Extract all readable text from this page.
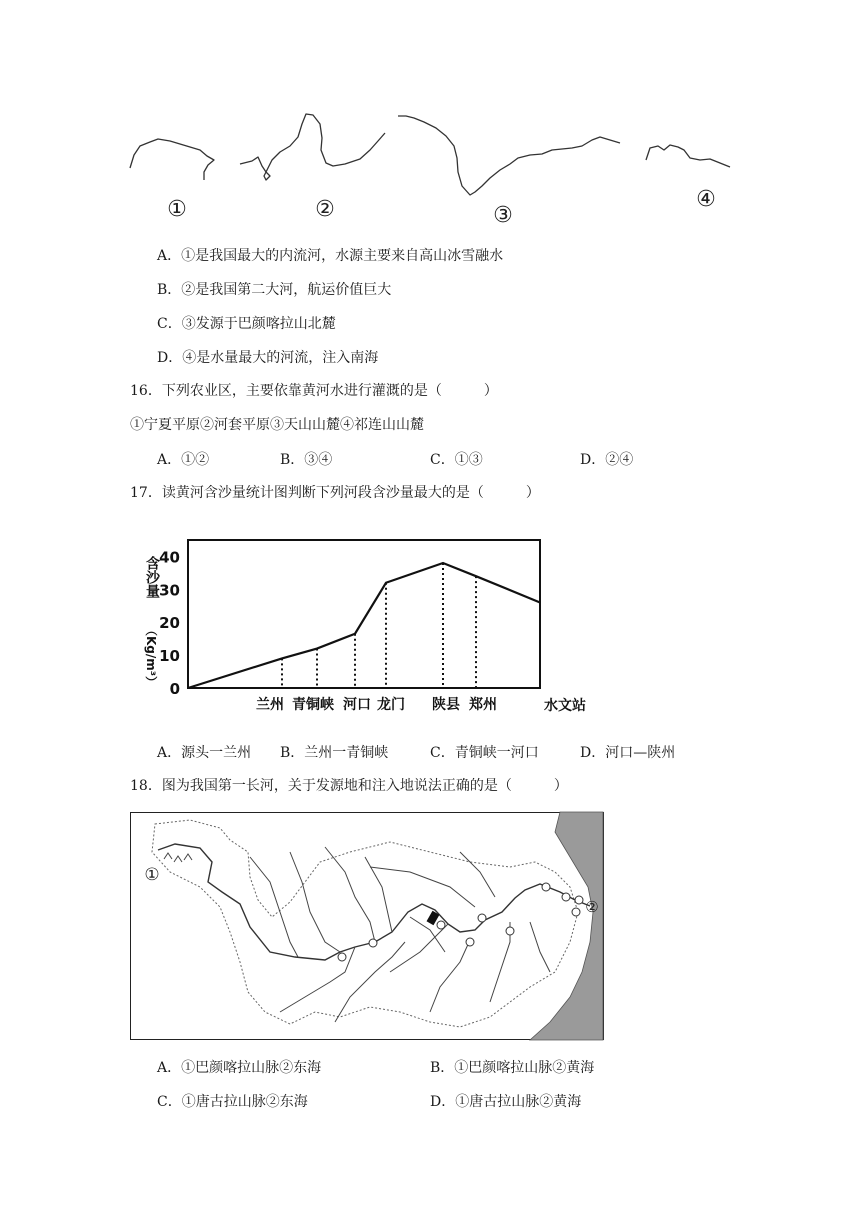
①	②	③
④
A．①是我国最大的内流河，水源主要来自高山冰雪融水
B．②是我国第二大河，航运价值巨大
C．③发源于巴颜喀拉山北麓
D．④是水量最大的河流，注入南海
16．下列农业区，主要依靠黄河水进行灌溉的是（　　　）
①宁夏平原②河套平原③天山山麓④祁连山山麓
A．①②	B．③④	C．①③	D．②④
17．读黄河含沙量统计图判断下列河段含沙量最大的是（　　　）
0
10
20
30
40
兰州 青铜峡 河口 龙门 陕县 郑州
含沙量
（Kg/m³）
水文站
A．源头一兰州 B．兰州一青铜峡	C．青铜峡一河口	D．河口—陕州
18．图为我国第一长河，关于发源地和注入地说法正确的是（　　　）
①
②
A．①巴颜喀拉山脉②东海	B．①巴颜喀拉山脉②黄海
C．①唐古拉山脉②东海	D．①唐古拉山脉②黄海
